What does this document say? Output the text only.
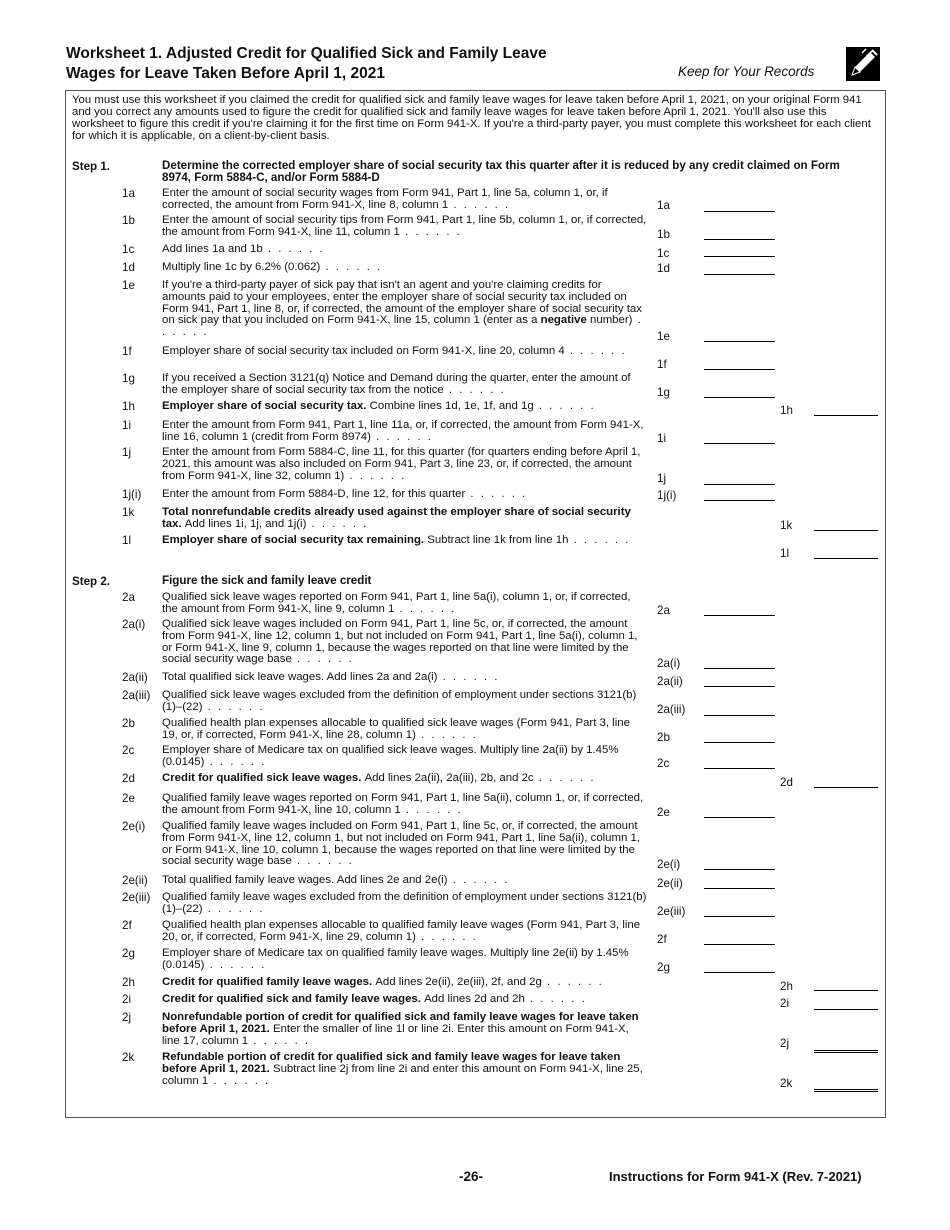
Worksheet 1. Adjusted Credit for Qualified Sick and Family Leave
Wages for Leave Taken Before April 1, 2021	Keep for Your Records
You must use this worksheet if you claimed the credit for qualified sick and family leave wages for leave taken before April 1, 2021, on your original Form 941 and you correct any amounts used to figure the credit for qualified sick and family leave wages for leave taken before April 1, 2021. You'll also use this worksheet to figure this credit if you're claiming it for the first time on Form 941-X. If you're a third-party payer, you must complete this worksheet for each client for which it is applicable, on a client-by-client basis.
Step 1.	Determine the corrected employer share of social security tax this quarter after it is reduced by any credit claimed on Form 8974, Form 5884-C, and/or Form 5884-D
Step 2.	Figure the sick and family leave credit
1a Enter the amount of social security wages from Form 941, Part 1, line 5a, column 1, or, if corrected, the amount from Form 941-X, line 8, column 1 . . . . . .	1a
1b Enter the amount of social security tips from Form 941, Part 1, line 5b, column 1, or, if corrected, the amount from Form 941-X, line 11, column 1 . . . . . .	1b
1c Add lines 1a and 1b . . . . . .	1c
1d Multiply line 1c by 6.2% (0.062) . . . . . .	1d
1e If you're a third-party payer of sick pay that isn't an agent and you're claiming credits for amounts paid to your employees, enter the employer share of social security tax included on Form 941, Part 1, line 8, or, if corrected, the amount of the employer share of social security tax on sick pay that you included on Form 941-X, line 15, column 1 (enter as a negative number) . . . . . .	1e
1f	Employer share of social security tax included on Form 941-X, line 20, column 4 . . . . . .
1f
1g If you received a Section 3121(q) Notice and Demand during the quarter, enter the amount of the employer share of social security tax from the notice . . . . . .	1g
1h Employer share of social security tax. Combine lines 1d, 1e, 1f, and 1g . . . . . .	1h
1i	Enter the amount from Form 941, Part 1, line 11a, or, if corrected, the amount from Form 941-X, line 16, column 1 (credit from Form 8974) . . . . . .	1i
1j	Enter the amount from Form 5884-C, line 11, for this quarter (for quarters ending before April 1, 2021, this amount was also included on Form 941, Part 3, line 23, or, if corrected, the amount from Form 941-X, line 32, column 1) . . . . . .	1j
1j(i) Enter the amount from Form 5884-D, line 12, for this quarter . . . . . .	1j(i)
1k Total nonrefundable credits already used against the employer share of social security tax. Add lines 1i, 1j, and 1j(i) . . . . . .	1k
1l	Employer share of social security tax remaining. Subtract line 1k from line 1h . . . . . .
1l
2a Qualified sick leave wages reported on Form 941, Part 1, line 5a(i), column 1, or, if corrected, the amount from Form 941-X, line 9, column 1 . . . . . .	2a
2a(i) Qualified sick leave wages included on Form 941, Part 1, line 5c, or, if corrected, the amount from Form 941-X, line 12, column 1, but not included on Form 941, Part 1, line 5a(i), column 1, or Form 941-X, line 9, column 1, because the wages reported on that line were limited by the social security wage base . . . . . .	2a(i)
2a(ii) Total qualified sick leave wages. Add lines 2a and 2a(i) . . . . . .	2a(ii)
2a(iii) Qualified sick leave wages excluded from the definition of employment under sections 3121(b)(1)–(22) . . . . . .	2a(iii)
2b Qualified health plan expenses allocable to qualified sick leave wages (Form 941, Part 3, line 19, or, if corrected, Form 941-X, line 28, column 1) . . . . . .	2b
2c Employer share of Medicare tax on qualified sick leave wages. Multiply line 2a(ii) by 1.45% (0.0145) . . . . . .	2c
2d Credit for qualified sick leave wages. Add lines 2a(ii), 2a(iii), 2b, and 2c . . . . . .	2d
2e Qualified family leave wages reported on Form 941, Part 1, line 5a(ii), column 1, or, if corrected, the amount from Form 941-X, line 10, column 1 . . . . . .	2e
2e(i) Qualified family leave wages included on Form 941, Part 1, line 5c, or, if corrected, the amount from Form 941-X, line 12, column 1, but not included on Form 941, Part 1, line 5a(ii), column 1, or Form 941-X, line 10, column 1, because the wages reported on that line were limited by the social security wage base . . . . . .	2e(i)
2e(ii) Total qualified family leave wages. Add lines 2e and 2e(i) . . . . . .	2e(ii)
2e(iii) Qualified family leave wages excluded from the definition of employment under sections 3121(b)(1)–(22) . . . . . .	2e(iii)
2f	Qualified health plan expenses allocable to qualified family leave wages (Form 941, Part 3, line 20, or, if corrected, Form 941-X, line 29, column 1) . . . . . .	2f
2g Employer share of Medicare tax on qualified family leave wages. Multiply line 2e(ii) by 1.45% (0.0145) . . . . . .	2g
2h Credit for qualified family leave wages. Add lines 2e(ii), 2e(iii), 2f, and 2g . . . . . .	2h
2i	Credit for qualified sick and family leave wages. Add lines 2d and 2h . . . . . .	2i
2j	Nonrefundable portion of credit for qualified sick and family leave wages for leave taken before April 1, 2021. Enter the smaller of line 1l or line 2i. Enter this amount on Form 941-X, line 17, column 1 . . . . . .	2j
2k Refundable portion of credit for qualified sick and family leave wages for leave taken before April 1, 2021. Subtract line 2j from line 2i and enter this amount on Form 941-X, line 25, column 1 . . . . . .	2k
-26-	Instructions for Form 941-X (Rev. 7-2021)
